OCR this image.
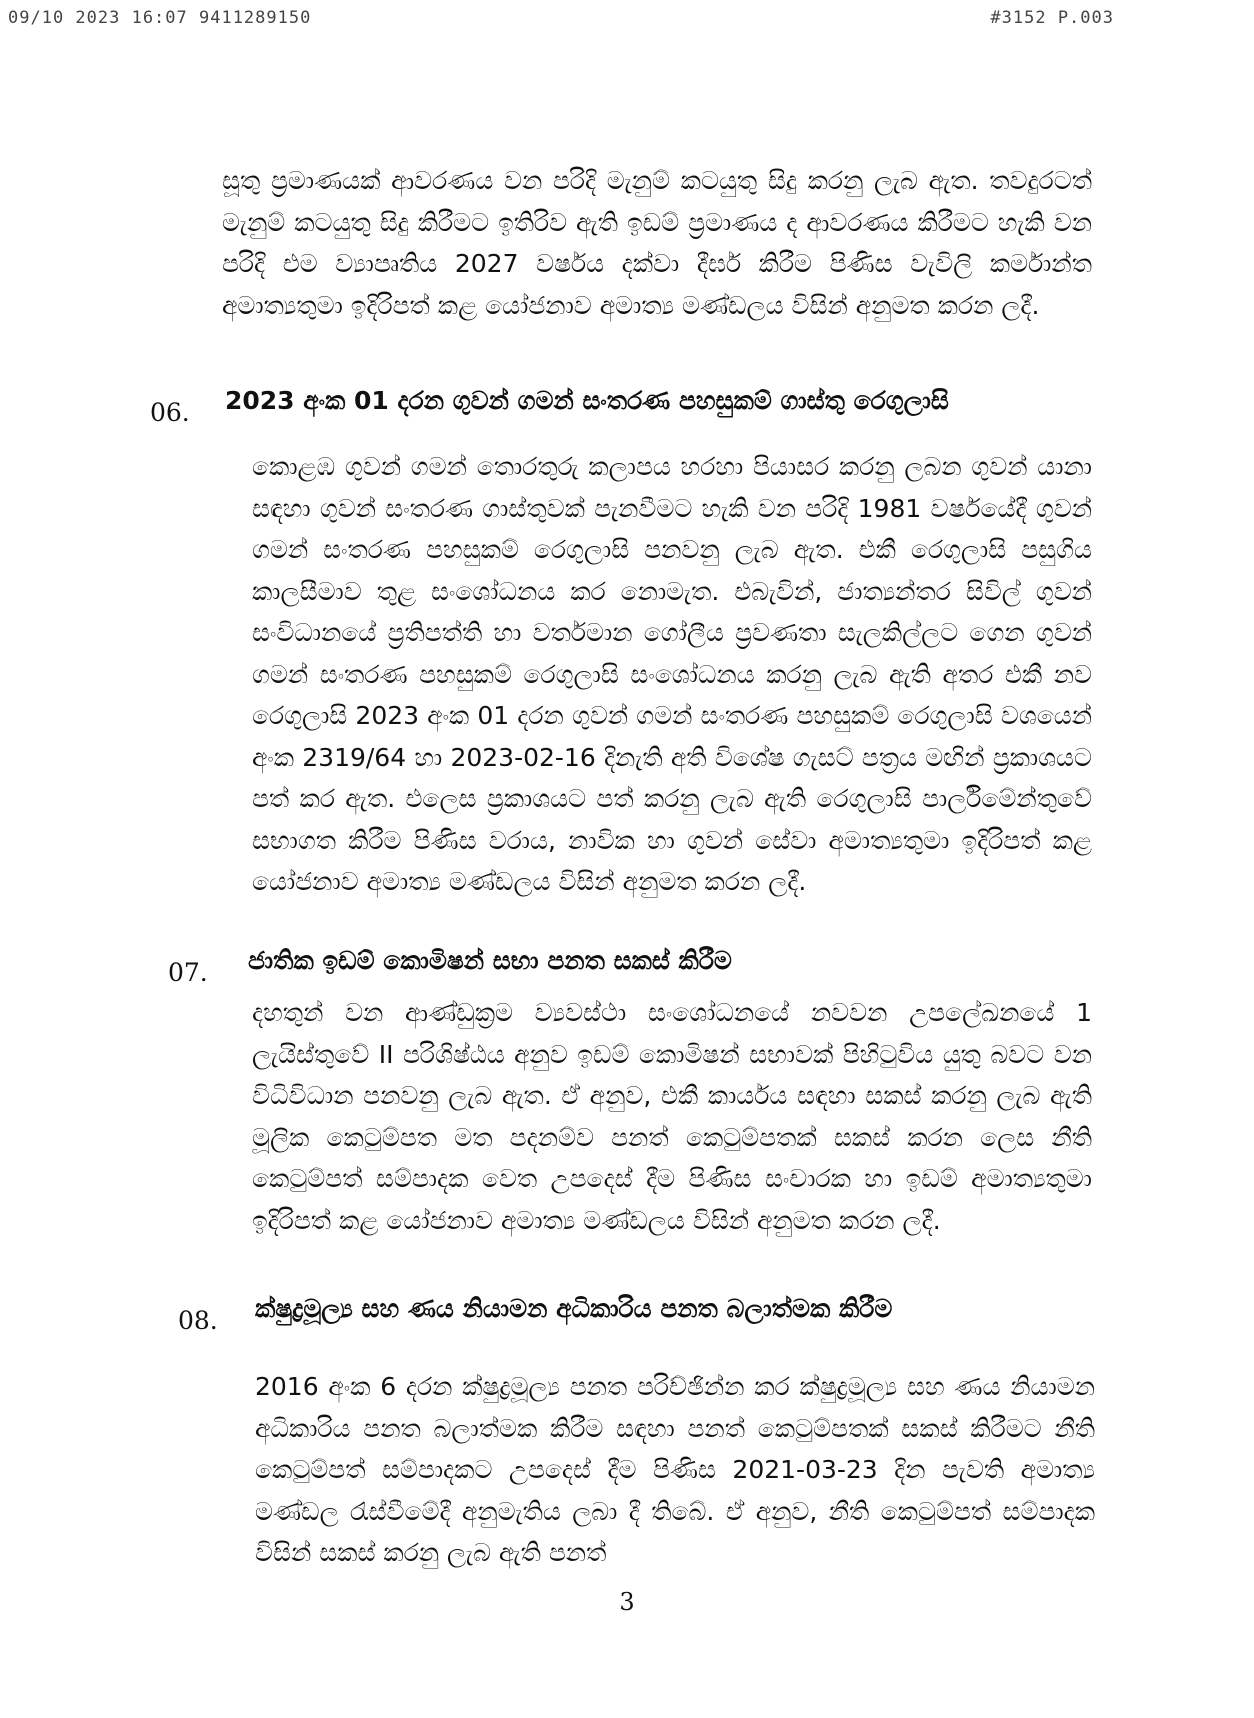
09/10 2023 16:07 9411289150	#3152 P.003
සූතු ප්‍රමාණයක් ආවරණය වන පරිදි මැනුම් කටයුතු සිදු කරනු ලැබ ඇත. තවදුරටත් මැනුම් කටයුතු සිදු කිරීමට ඉතිරිව ඇති ඉඩම් ප්‍රමාණය ද ආවරණය කිරීමට හැකි වන පරිදි එම ව්‍යාපෘතිය 2027 වර්ෂය දක්වා දීර්ඝ කිරීම පිණිස වැවිලි කර්මාන්ත අමාත්‍යතුමා ඉදිරිපත් කළ යෝජනාව අමාත්‍ය මණ්ඩලය විසින් අනුමත කරන ලදී.
06. 2023 අංක 01 දරන ගුවන් ගමන් සංතරණ පහසුකම් ගාස්තු රෙගුලාසි
කොළඹ ගුවන් ගමන් තොරතුරු කලාපය හරහා පියාසර කරනු ලබන ගුවන් යානා සඳහා ගුවන් සංතරණ ගාස්තුවක් පැනවීමට හැකි වන පරිදි 1981 වර්ෂයේදී ගුවන් ගමන් සංතරණ පහසුකම් රෙගුලාසි පනවනු ලැබ ඇත. එකී රෙගුලාසි පසුගිය කාලසීමාව තුළ සංශෝධනය කර නොමැත. එබැවින්, ජාත්‍යන්තර සිවිල් ගුවන් සංවිධානයේ ප්‍රතිපත්ති හා වර්තමාන ගෝලීය ප්‍රවණතා සැලකිල්ලට ගෙන ගුවන් ගමන් සංතරණ පහසුකම් රෙගුලාසි සංශෝධනය කරනු ලැබ ඇති අතර එකී නව රෙගුලාසි 2023 අංක 01 දරන ගුවන් ගමන් සංතරණ පහසුකම් රෙගුලාසි වශයෙන් අංක 2319/64 හා 2023-02-16 දිනැති අති විශේෂ ගැසට් පත්‍රය මඟින් ප්‍රකාශයට පත් කර ඇත. එලෙස ප්‍රකාශයට පත් කරනු ලැබ ඇති රෙගුලාසි පාර්ලිමේන්තුවේ සභාගත කිරීම පිණිස වරාය, නාවික හා ගුවන් සේවා අමාත්‍යතුමා ඉදිරිපත් කළ යෝජනාව අමාත්‍ය මණ්ඩලය විසින් අනුමත කරන ලදී.
07. ජාතික ඉඩම් කොමිෂන් සභා පනත සකස් කිරීම
දහතුන් වන ආණ්ඩුක්‍රම ව්‍යවස්ථා සංශෝධනයේ නවවන උපලේඛනයේ 1 ලැයිස්තුවේ II පරිශිෂ්ඨය අනුව ඉඩම් කොමිෂන් සභාවක් පිහිටුවිය යුතු බවට වන විධිවිධාන පනවනු ලැබ ඇත. ඒ අනුව, එකී කාර්යය සඳහා සකස් කරනු ලැබ ඇති මූලික කෙටුම්පත මත පදනම්ව පනත් කෙටුම්පතක් සකස් කරන ලෙස නීති කෙටුම්පත් සම්පාදක වෙත උපදෙස් දීම පිණිස සංචාරක හා ඉඩම් අමාත්‍යතුමා ඉදිරිපත් කළ යෝජනාව අමාත්‍ය මණ්ඩලය විසින් අනුමත කරන ලදී.
08. ක්ෂුද්‍රමූල්‍ය සහ ණය නියාමන අධිකාරිය පනත බලාත්මක කිරීම
2016 අංක 6 දරන ක්ෂුද්‍රමූල්‍ය පනත පරිච්ඡින්න කර ක්ෂුද්‍රමූල්‍ය සහ ණය නියාමන අධිකාරිය පනත බලාත්මක කිරීම සඳහා පනත් කෙටුම්පතක් සකස් කිරීමට නීති කෙටුම්පත් සම්පාදකට උපදෙස් දීම පිණිස 2021-03-23 දින පැවති අමාත්‍ය මණ්ඩල රැස්වීමේදී අනුමැතිය ලබා දී තිබේ. ඒ අනුව, නීති කෙටුම්පත් සම්පාදක විසින් සකස් කරනු ලැබ ඇති පනත්
3
